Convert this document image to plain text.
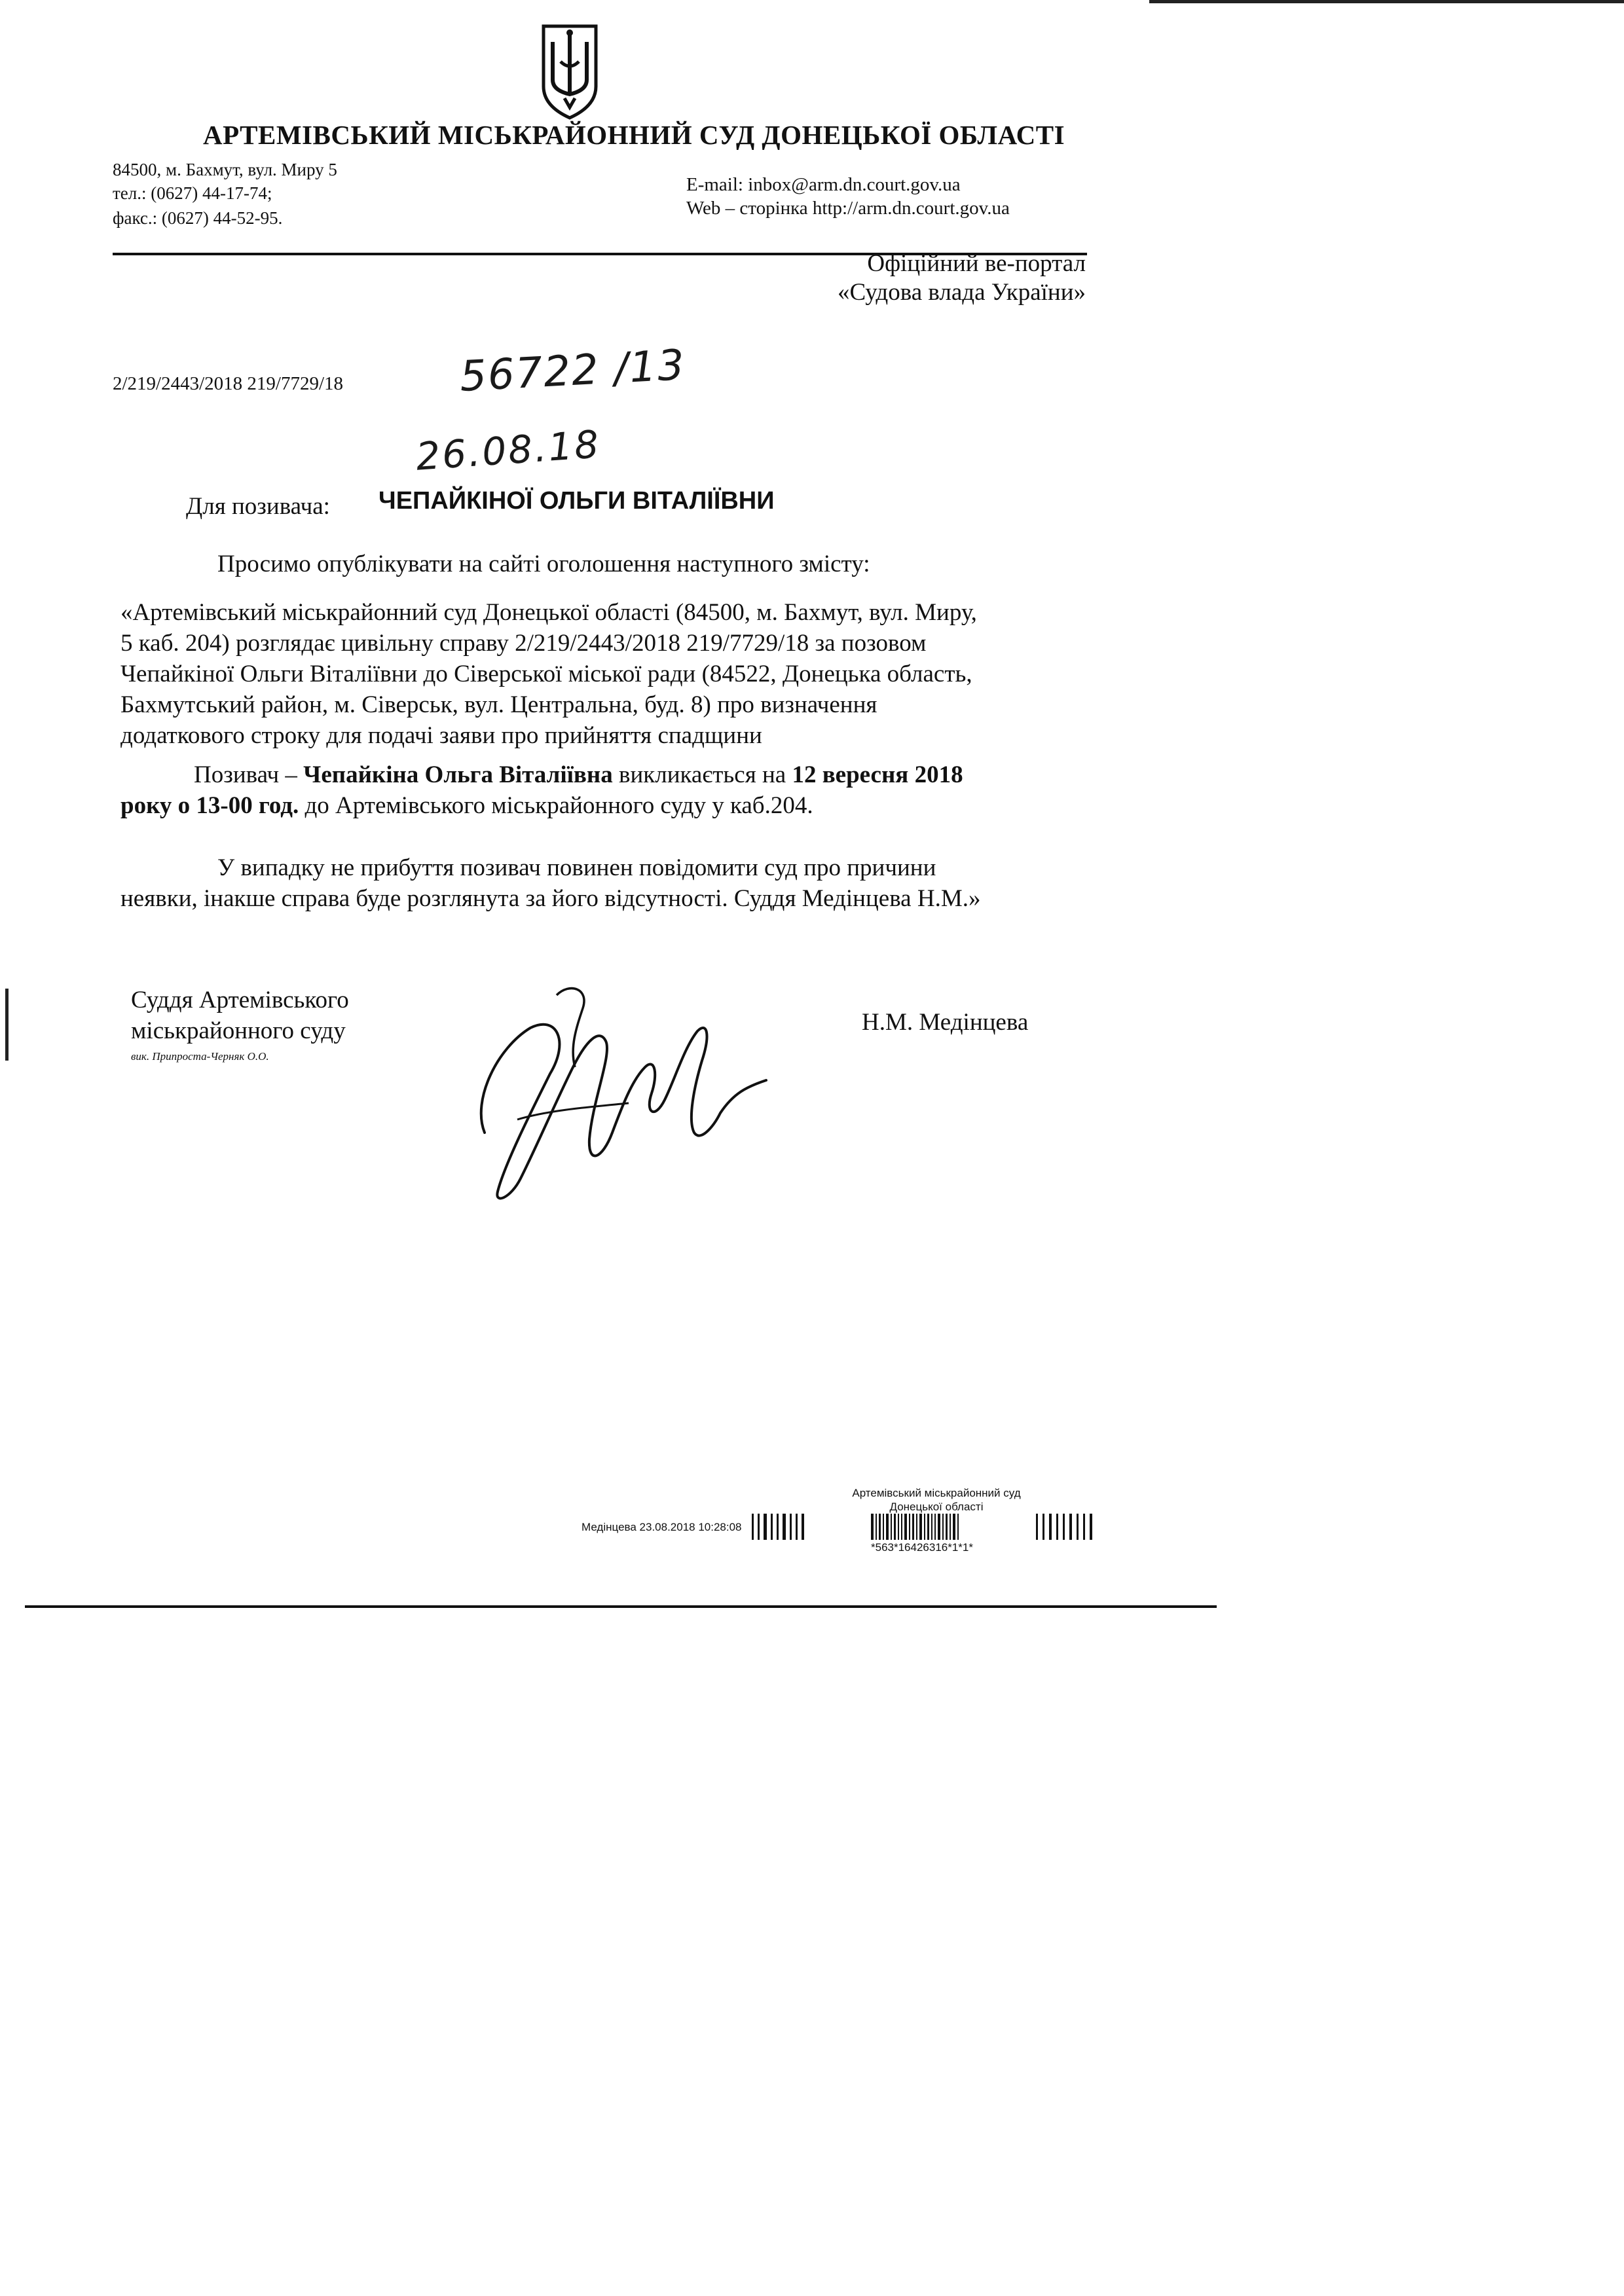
АРТЕМІВСЬКИЙ МІСЬКРАЙОННИЙ СУД ДОНЕЦЬКОЇ ОБЛАСТІ
84500, м. Бахмут, вул. Миру 5
тел.: (0627) 44-17-74;
факс.: (0627) 44-52-95.
E-mail: inbox@arm.dn.court.gov.ua
Web – сторінка http://arm.dn.court.gov.ua
Офіційний ве-портал
«Судова влада України»
2/219/2443/2018 219/7729/18	56722 /13
26.08.18
Для позивача: ЧЕПАЙКІНОЇ ОЛЬГИ ВІТАЛІЇВНИ
Просимо опублікувати на сайті оголошення наступного змісту:
«Артемівський міськрайонний суд Донецької області (84500, м. Бахмут, вул. Миру,
5 каб. 204) розглядає цивільну справу 2/219/2443/2018 219/7729/18 за позовом
Чепайкіної Ольги Віталіївни до Сіверської міської ради (84522, Донецька область,
Бахмутський район, м. Сіверськ, вул. Центральна, буд. 8) про визначення
додаткового строку для подачі заяви про прийняття спадщини
Позивач – Чепайкіна Ольга Віталіївна викликається на 12 вересня 2018
року о 13-00 год. до Артемівського міськрайонного суду у каб.204.
У випадку не прибуття позивач повинен повідомити суд про причини
неявки, інакше справа буде розглянута за його відсутності. Суддя Медінцева Н.М.»
Суддя Артемівського
міськрайонного суду
вик. Припроста-Черняк О.О.
Н.М. Медінцева
Артемівський міськрайонний суд
Донецької області
Медінцева 23.08.2018 10:28:08
*563*16426316*1*1*
